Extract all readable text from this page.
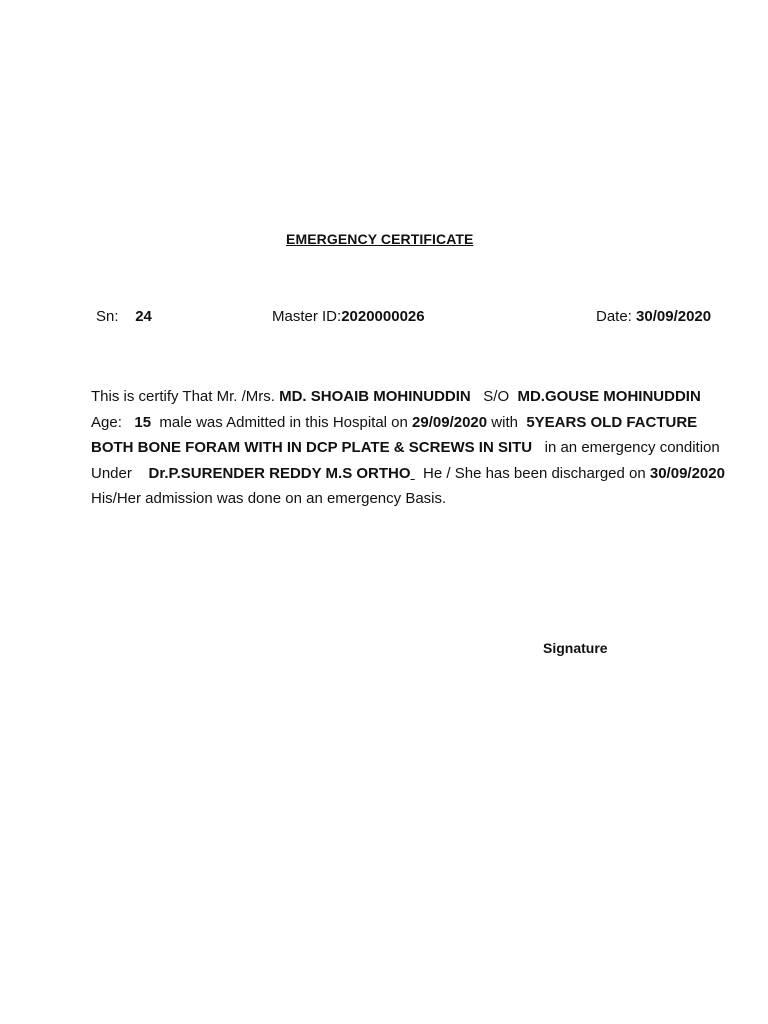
EMERGENCY CERTIFICATE
Sn: 24	Master ID:2020000026	Date: 30/09/2020
This is certify That Mr. /Mrs. MD. SHOAIB MOHINUDDIN S/O MD.GOUSE MOHINUDDIN
Age: 15 male was Admitted in this Hospital on 29/09/2020 with 5YEARS OLD FACTURE
BOTH BONE FORAM WITH IN DCP PLATE & SCREWS IN SITU in an emergency condition
Under Dr.P.SURENDER REDDY M.S ORTHO He / She has been discharged on 30/09/2020
His/Her admission was done on an emergency Basis.
Signature
